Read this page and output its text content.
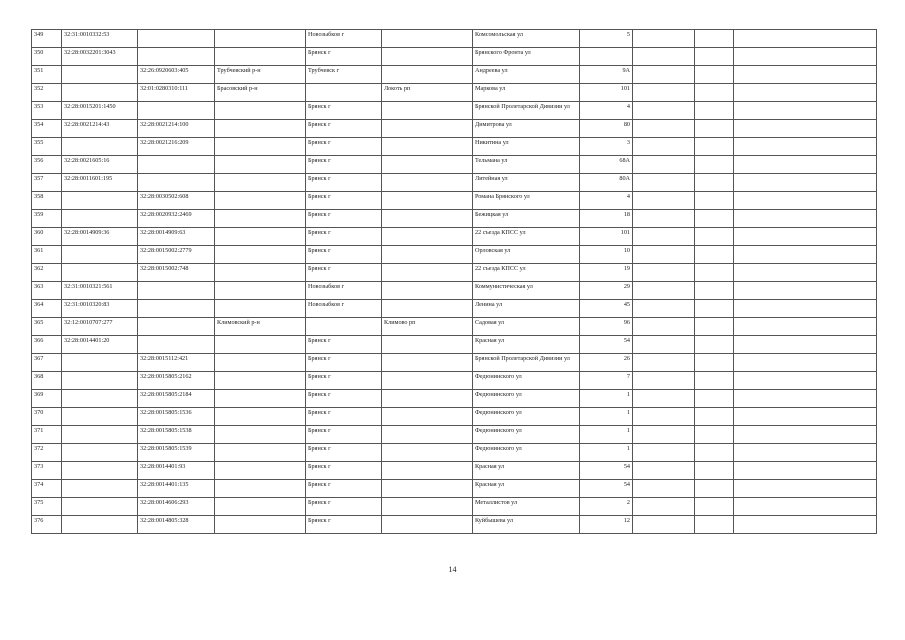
349	32:31:0010332:53			Новозыбков г		Комсомольская ул	5			
350	32:28:0032201:3043			Брянск г		Брянского Фронта ул				
351		32:26:0920603:405	Трубчевский р-н	Трубчевск г		Андреева ул	9А			
352		32:01:0280310:111	Брасовский р-н		Локоть рп	Маркова ул	101			
353	32:28:0015201:1450			Брянск г		Брянской Пролетарской Дивизии ул	4			
354	32:28:0021214:43	32:28:0021214:100		Брянск г		Димитрова ул	80			
355		32:28:0021216:209		Брянск г		Никитина ул	3			
356	32:28:0021605:16			Брянск г		Тельмана ул	68А			
357	32:28:0011601:195			Брянск г		Литейная ул	80А			
358		32:28:0030502:608		Брянск г		Романа Брянского ул	4			
359		32:28:0020932:2469		Брянск г		Бежицкая ул	18			
360	32:28:0014909:36	32:28:0014909:63		Брянск г		22 съезда КПСС ул	101			
361		32:28:0015002:2779		Брянск г		Орловская ул	10			
362		32:28:0015002:748		Брянск г		22 съезда КПСС ул	19			
363	32:31:0010321:561			Новозыбков г		Коммунистическая ул	29			
364	32:31:0010320:83			Новозыбков г		Ленина ул	45			
365	32:12:0010707:277		Климовский р-н		Климово рп	Садовая ул	96			
366	32:28:0014401:20			Брянск г		Красная ул	54			
367		32:28:0015112:421		Брянск г		Брянской Пролетарской Дивизии ул	26			
368		32:28:0015805:2162		Брянск г		Федюнинского ул	7			
369		32:28:0015805:2184		Брянск г		Федюнинского ул	1			
370		32:28:0015805:1536		Брянск г		Федюнинского ул	1			
371		32:28:0015805:1538		Брянск г		Федюнинского ул	1			
372		32:28:0015805:1539		Брянск г		Федюнинского ул	1			
373		32:28:0014401:93		Брянск г		Красная ул	54			
374		32:28:0014401:135		Брянск г		Красная ул	54			
375		32:28:0014606:293		Брянск г		Металлистов ул	2			
376		32:28:0014805:328		Брянск г		Куйбышева ул	12			
14
